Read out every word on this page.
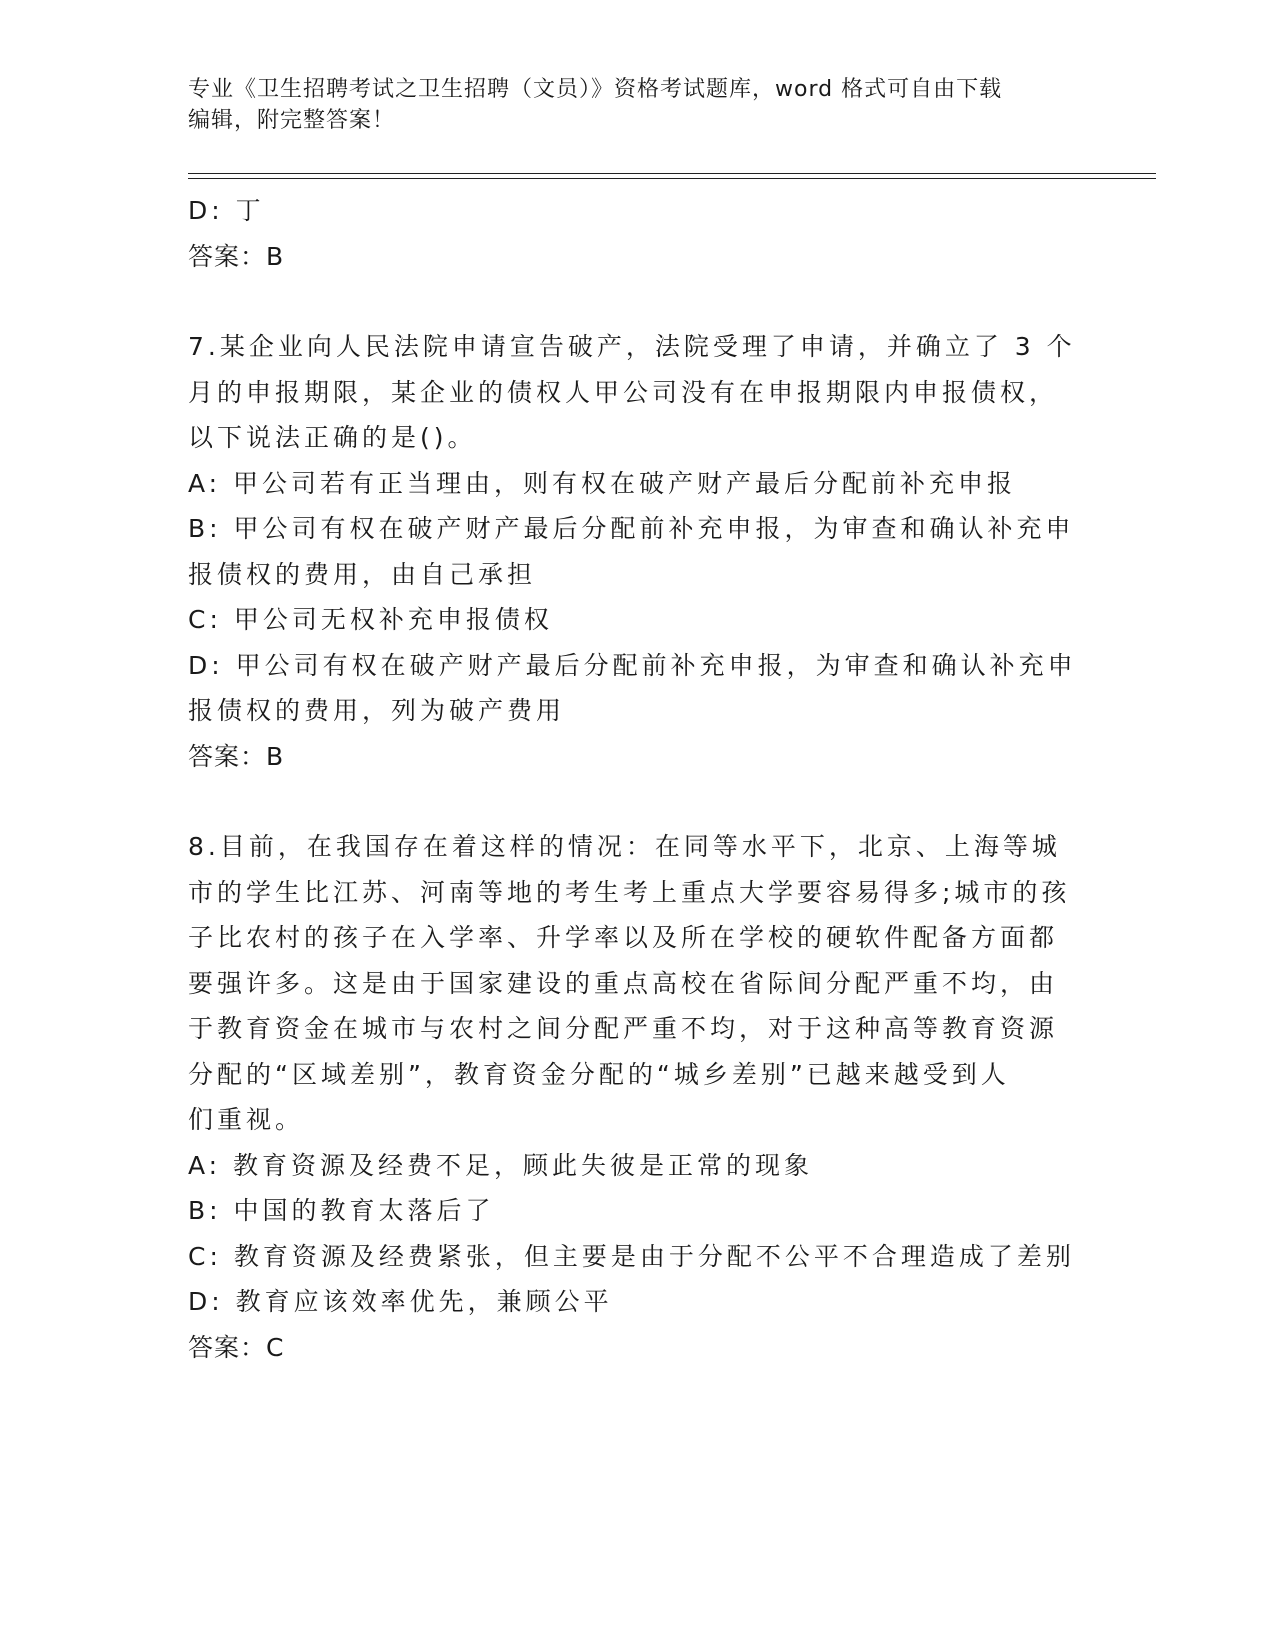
专业《卫生招聘考试之卫生招聘（文员）》资格考试题库，word 格式可自由下载

编辑，附完整答案！

D: 丁

答案：B

7.某企业向人民法院申请宣告破产，法院受理了申请，并确立了 3 个

月的申报期限，某企业的债权人甲公司没有在申报期限内申报债权，

以下说法正确的是()。

A: 甲公司若有正当理由，则有权在破产财产最后分配前补充申报

B: 甲公司有权在破产财产最后分配前补充申报，为审查和确认补充申

报债权的费用，由自己承担

C: 甲公司无权补充申报债权

D: 甲公司有权在破产财产最后分配前补充申报，为审查和确认补充申

报债权的费用，列为破产费用

答案：B

8.目前，在我国存在着这样的情况：在同等水平下，北京、上海等城

市的学生比江苏、河南等地的考生考上重点大学要容易得多;城市的孩

子比农村的孩子在入学率、升学率以及所在学校的硬软件配备方面都

要强许多。这是由于国家建设的重点高校在省际间分配严重不均，由

于教育资金在城市与农村之间分配严重不均，对于这种高等教育资源

分配的“区域差别”，教育资金分配的“城乡差别”已越来越受到人

们重视。

A: 教育资源及经费不足，顾此失彼是正常的现象

B: 中国的教育太落后了

C: 教育资源及经费紧张，但主要是由于分配不公平不合理造成了差别

D: 教育应该效率优先，兼顾公平

答案：C
